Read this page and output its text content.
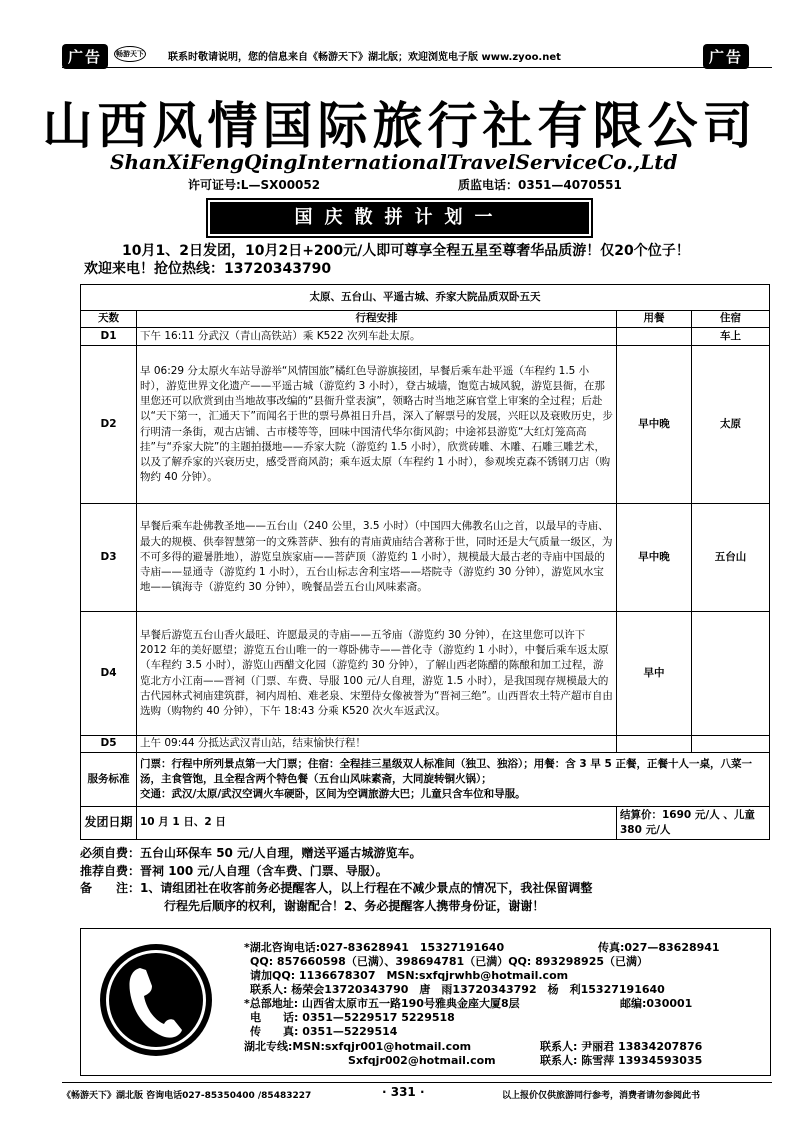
广告	畅游天下 联系时敬请说明，您的信息来自《畅游天下》湖北版；欢迎浏览电子版 www.zyoo.net	广告
山西风情国际旅行社有限公司
ShanXiFengQingInternationalTravelServiceCo.,Ltd
许可证号:L—SX00052	质监电话：0351—4070551
国庆散拼计划一
10月1、2日发团，10月2日+200元/人即可尊享全程五星至尊奢华品质游！仅20个位子！
欢迎来电！抢位热线：13720343790
太原、五台山、平遥古城、乔家大院品质双卧五天			
天数	行程安排	用餐	住宿
D1	下午 16:11 分武汉（青山高铁站）乘 K522 次列车赴太原。		车上
D2	早 06:29 分太原火车站导游举“风情国旅”橘红色导游旗接团，早餐后乘车赴平遥（车程约 1.5 小时），游览世界文化遗产——平遥古城（游览约 3 小时），登古城墙，饱览古城风貌，游览县衙，在那里您还可以欣赏到由当地故事改编的“县衙升堂表演”，领略古时当地芝麻官堂上审案的全过程；后赴以“天下第一，汇通天下”而闻名于世的票号鼻祖日升昌，深入了解票号的发展，兴旺以及衰败历史，步行明清一条街，观古店铺、古市楼等等，回味中国清代华尔街风韵；中途祁县游览“大红灯笼高高挂”与“乔家大院”的主题拍摄地——乔家大院（游览约 1.5 小时），欣赏砖雕、木雕、石雕三雕艺术，以及了解乔家的兴衰历史，感受晋商风韵；乘车返太原（车程约 1 小时），参观埃克森不锈钢刀店（购物约 40 分钟）。	早中晚	太原
D3	早餐后乘车赴佛教圣地——五台山（240 公里，3.5 小时）（中国四大佛教名山之首，以最早的寺庙、最大的规模、供奉智慧第一的文殊菩萨、独有的青庙黄庙结合著称于世，同时还是大气质量一级区，为不可多得的避暑胜地），游览皇族家庙——菩萨顶（游览约 1 小时），规模最大最古老的寺庙中国最的寺庙——显通寺（游览约 1 小时），五台山标志舍利宝塔——塔院寺（游览约 30 分钟），游览风水宝地——镇海寺（游览约 30 分钟），晚餐品尝五台山风味素斋。	早中晚	五台山
D4	早餐后游览五台山香火最旺、许愿最灵的寺庙——五爷庙（游览约 30 分钟），在这里您可以许下 2012 年的美好愿望；游览五台山唯一的一尊卧佛寺——普化寺（游览约 1 小时），中餐后乘车返太原（车程约 3.5 小时），游览山西醋文化园（游览约 30 分钟），了解山西老陈醋的陈酿和加工过程，游览北方小江南——晋祠（门票、车费、导服 100 元/人自理，游览 1.5 小时），是我国现存规模最大的古代园林式祠庙建筑群，祠内周柏、难老泉、宋塑侍女像被誉为“晋祠三绝”。山西晋农土特产超市自由选购（购物约 40 分钟），下午 18:43 分乘 K520 次火车返武汉。	早中	
D5	上午 09:44 分抵达武汉青山站，结束愉快行程！		
服务标准	门票：行程中所列景点第一大门票；住宿：全程挂三星级双人标准间（独卫、独浴）；用餐：含 3 早 5 正餐，正餐十人一桌，八菜一汤，主食管饱，且全程含两个特色餐（五台山风味素斋，大同旋转铜火锅）；
交通：武汉/太原/武汉空调火车硬卧，区间为空调旅游大巴；儿童只含车位和导服。		

发团日期	10 月 1 日、2 日	结算价：1690 元/人 、儿童 380 元/人	
必须自费：五台山环保车 50 元/人自理，赠送平遥古城游览车。
推荐自费：晋祠 100 元/人自理（含车费、门票、导服）。
备　　注：1、请组团社在收客前务必提醒客人，以上行程在不减少景点的情况下，我社保留调整
行程先后顺序的权利，谢谢配合！2、务必提醒客人携带身份证，谢谢！
*湖北咨询电话:027-83628941　15327191640	传真:027—83628941
QQ: 857660598（已满）、398694781（已满）QQ: 893298925（已满）
请加QQ: 1136678307　MSN:sxfqjrwhb@hotmail.com
联系人: 杨荣会13720343790　唐　雨13720343792　杨　利15327191640
*总部地址: 山西省太原市五一路190号雅典金座大厦8层	邮编:030001
电　　话: 0351—5229517 5229518
传　　真: 0351—5229514
湖北专线:MSN:sxfqjr001@hotmail.com
Sxfqjr002@hotmail.com
联系人: 尹丽君 13834207876
联系人: 陈雪萍 13934593035
《畅游天下》湖北版 咨询电话027-85350400 /85483227	· 331 ·	以上报价仅供旅游同行参考，消费者请勿参阅此书
